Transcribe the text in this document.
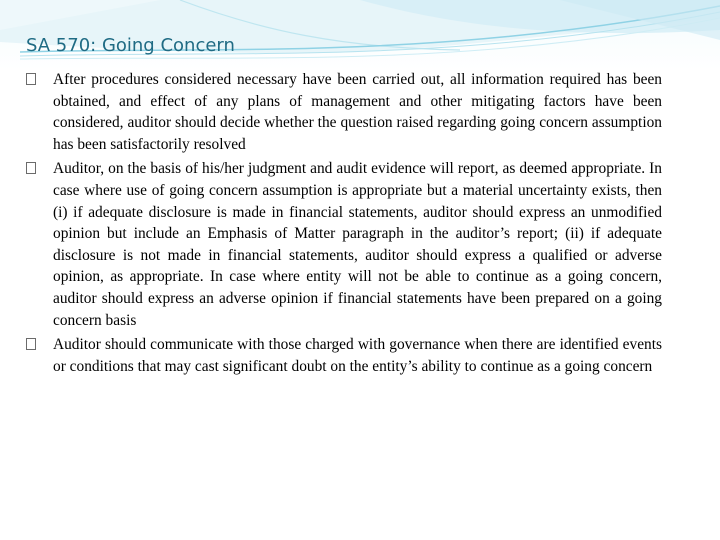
SA 570: Going Concern
After procedures considered necessary have been carried out, all information required has been obtained, and effect of any plans of management and other mitigating factors have been considered, auditor should decide whether the question raised regarding going concern assumption has been satisfactorily resolved
Auditor, on the basis of his/her judgment and audit evidence will report, as deemed appropriate. In case where use of going concern assumption is appropriate but a material uncertainty exists, then (i) if adequate disclosure is made in financial statements, auditor should express an unmodified opinion but include an Emphasis of Matter paragraph in the auditor’s report; (ii) if adequate disclosure is not made in financial statements, auditor should express a qualified or adverse opinion, as appropriate. In case where entity will not be able to continue as a going concern, auditor should express an adverse opinion if financial statements have been prepared on a going concern basis
Auditor should communicate with those charged with governance when there are identified events or conditions that may cast significant doubt on the entity’s ability to continue as a going concern
